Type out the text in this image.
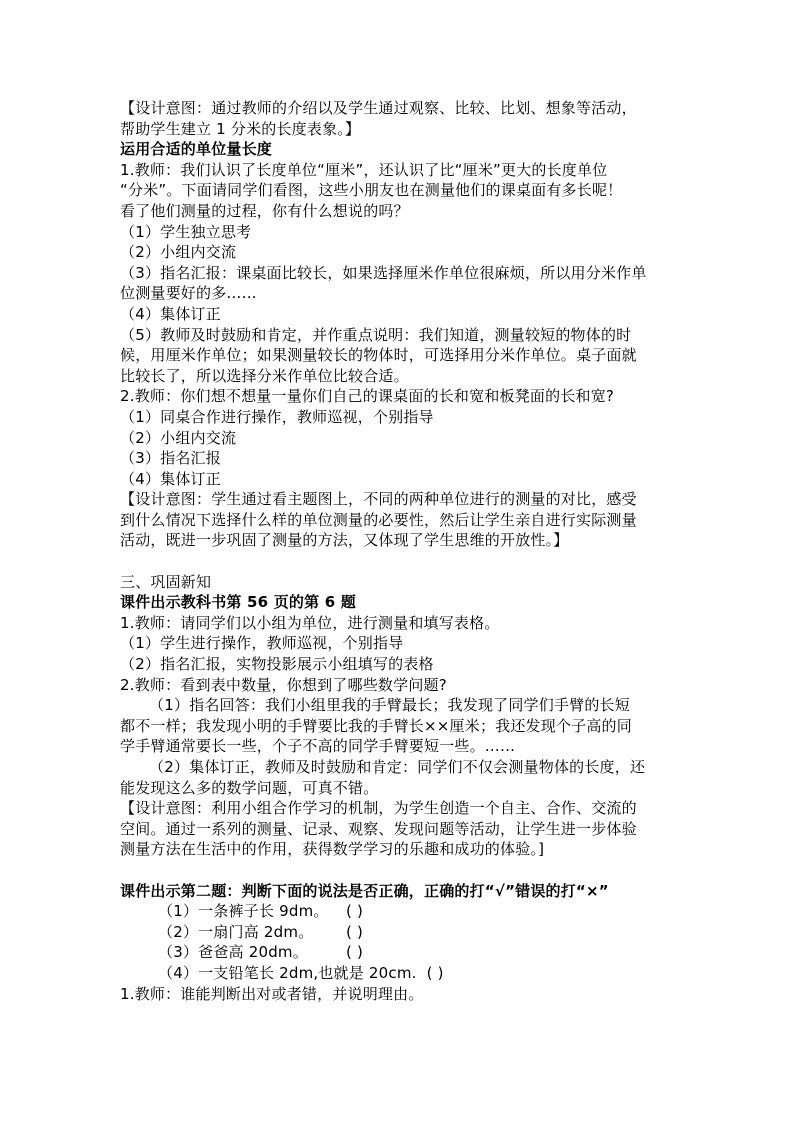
【设计意图：通过教师的介绍以及学生通过观察、比较、比划、想象等活动，
帮助学生建立 1 分米的长度表象。】
运用合适的单位量长度
1.教师：我们认识了长度单位“厘米”，还认识了比“厘米”更大的长度单位
“分米”。下面请同学们看图，这些小朋友也在测量他们的课桌面有多长呢！
看了他们测量的过程，你有什么想说的吗？
（1）学生独立思考
（2）小组内交流
（3）指名汇报：课桌面比较长，如果选择厘米作单位很麻烦，所以用分米作单
位测量要好的多……
（4）集体订正
（5）教师及时鼓励和肯定，并作重点说明：我们知道，测量较短的物体的时
候，用厘米作单位；如果测量较长的物体时，可选择用分米作单位。桌子面就
比较长了，所以选择分米作单位比较合适。
2.教师：你们想不想量一量你们自己的课桌面的长和宽和板凳面的长和宽?
（1）同桌合作进行操作，教师巡视，个别指导
（2）小组内交流
（3）指名汇报
（4）集体订正
【设计意图：学生通过看主题图上，不同的两种单位进行的测量的对比，感受
到什么情况下选择什么样的单位测量的必要性，然后让学生亲自进行实际测量
活动，既进一步巩固了测量的方法，又体现了学生思维的开放性。】
三、巩固新知
课件出示教科书第 56 页的第 6 题
1.教师：请同学们以小组为单位，进行测量和填写表格。
（1）学生进行操作，教师巡视，个别指导
（2）指名汇报，实物投影展示小组填写的表格
2.教师：看到表中数量，你想到了哪些数学问题?
（1）指名回答：我们小组里我的手臂最长；我发现了同学们手臂的长短
都不一样；我发现小明的手臂要比我的手臂长××厘米；我还发现个子高的同
学手臂通常要长一些，个子不高的同学手臂要短一些。……
（2）集体订正，教师及时鼓励和肯定：同学们不仅会测量物体的长度，还
能发现这么多的数学问题，可真不错。
【设计意图：利用小组合作学习的机制，为学生创造一个自主、合作、交流的
空间。通过一系列的测量、记录、观察、发现问题等活动，让学生进一步体验
测量方法在生活中的作用，获得数学学习的乐趣和成功的体验。]
课件出示第二题：判断下面的说法是否正确，正确的打“√”错误的打“×”
（1）一条裤子长 9dm。	( )
（2）一扇门高 2dm。	( )
（3）爸爸高 20dm。	( )
（4）一支铅笔长 2dm,也就是 20cm. ( )
1.教师：谁能判断出对或者错，并说明理由。
